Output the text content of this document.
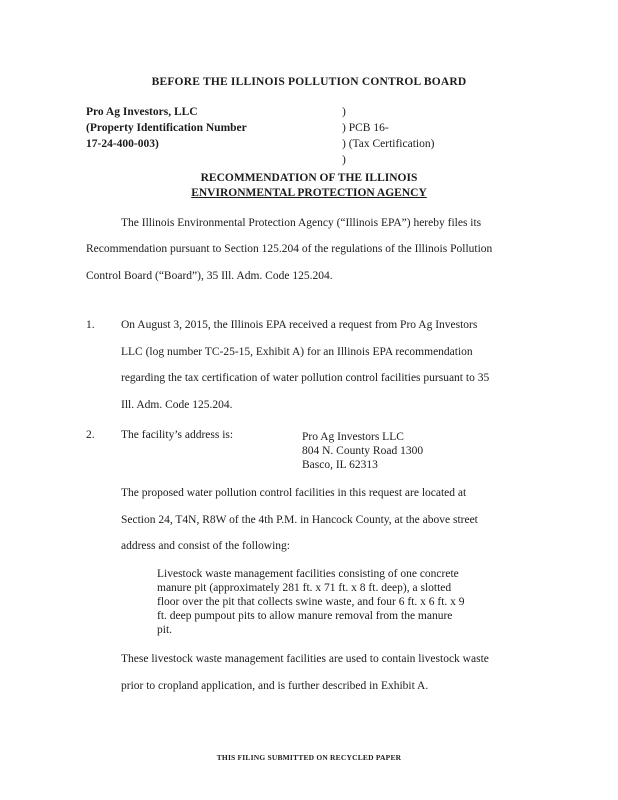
BEFORE THE ILLINOIS POLLUTION CONTROL BOARD
Pro Ag Investors, LLC
(Property Identification Number
17-24-400-003)
)
) PCB 16-
) (Tax Certification)
)
RECOMMENDATION OF THE ILLINOIS
ENVIRONMENTAL PROTECTION AGENCY
The Illinois Environmental Protection Agency (“Illinois EPA”) hereby files its
Recommendation pursuant to Section 125.204 of the regulations of the Illinois Pollution
Control Board (“Board”), 35 Ill. Adm. Code 125.204.
1. On August 3, 2015, the Illinois EPA received a request from Pro Ag Investors
LLC (log number TC-25-15, Exhibit A) for an Illinois EPA recommendation
regarding the tax certification of water pollution control facilities pursuant to 35
Ill. Adm. Code 125.204.
2. The facility’s address is:	Pro Ag Investors LLC
804 N. County Road 1300
Basco, IL 62313
The proposed water pollution control facilities in this request are located at
Section 24, T4N, R8W of the 4th P.M. in Hancock County, at the above street
address and consist of the following:
Livestock waste management facilities consisting of one concrete
manure pit (approximately 281 ft. x 71 ft. x 8 ft. deep), a slotted
floor over the pit that collects swine waste, and four 6 ft. x 6 ft. x 9
ft. deep pumpout pits to allow manure removal from the manure
pit.
These livestock waste management facilities are used to contain livestock waste
prior to cropland application, and is further described in Exhibit A.
THIS FILING SUBMITTED ON RECYCLED PAPER
